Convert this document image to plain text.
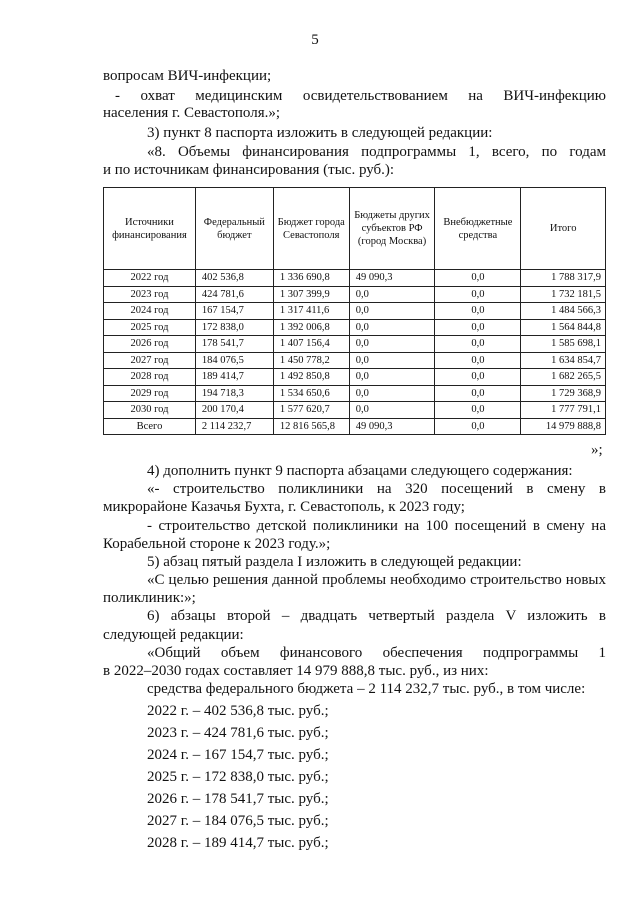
5
вопросам ВИЧ-инфекции;
- охват медицинским освидетельствованием на ВИЧ-инфекцию
населения г. Севастополя.»;
3) пункт 8 паспорта изложить в следующей редакции:
«8. Объемы финансирования подпрограммы 1, всего, по годам
и по источникам финансирования (тыс. руб.):
Источники финансирования	Федеральный бюджет	Бюджет города Севастополя	Бюджеты других субъектов РФ (город Москва)	Внебюджетные средства	Итого
2022 год	402 536,8	1 336 690,8	49 090,3	0,0	1 788 317,9
2023 год	424 781,6	1 307 399,9	0,0	0,0	1 732 181,5
2024 год	167 154,7	1 317 411,6	0,0	0,0	1 484 566,3
2025 год	172 838,0	1 392 006,8	0,0	0,0	1 564 844,8
2026 год	178 541,7	1 407 156,4	0,0	0,0	1 585 698,1
2027 год	184 076,5	1 450 778,2	0,0	0,0	1 634 854,7
2028 год	189 414,7	1 492 850,8	0,0	0,0	1 682 265,5
2029 год	194 718,3	1 534 650,6	0,0	0,0	1 729 368,9
2030 год	200 170,4	1 577 620,7	0,0	0,0	1 777 791,1
Всего	2 114 232,7	12 816 565,8	49 090,3	0,0	14 979 888,8
»;
4) дополнить пункт 9 паспорта абзацами следующего содержания:
«- строительство поликлиники на 320 посещений в смену в
микрорайоне Казачья Бухта, г. Севастополь, к 2023 году;
- строительство детской поликлиники на 100 посещений в смену на
Корабельной стороне к 2023 году.»;
5) абзац пятый раздела I изложить в следующей редакции:
«С целью решения данной проблемы необходимо строительство новых
поликлиник:»;
6) абзацы второй – двадцать четвертый раздела V изложить в
следующей редакции:
«Общий объем финансового обеспечения подпрограммы 1
в 2022–2030 годах составляет 14 979 888,8 тыс. руб., из них:
средства федерального бюджета – 2 114 232,7 тыс. руб., в том числе:
2022 г. – 402 536,8 тыс. руб.;
2023 г. – 424 781,6 тыс. руб.;
2024 г. – 167 154,7 тыс. руб.;
2025 г. – 172 838,0 тыс. руб.;
2026 г. – 178 541,7 тыс. руб.;
2027 г. – 184 076,5 тыс. руб.;
2028 г. – 189 414,7 тыс. руб.;
